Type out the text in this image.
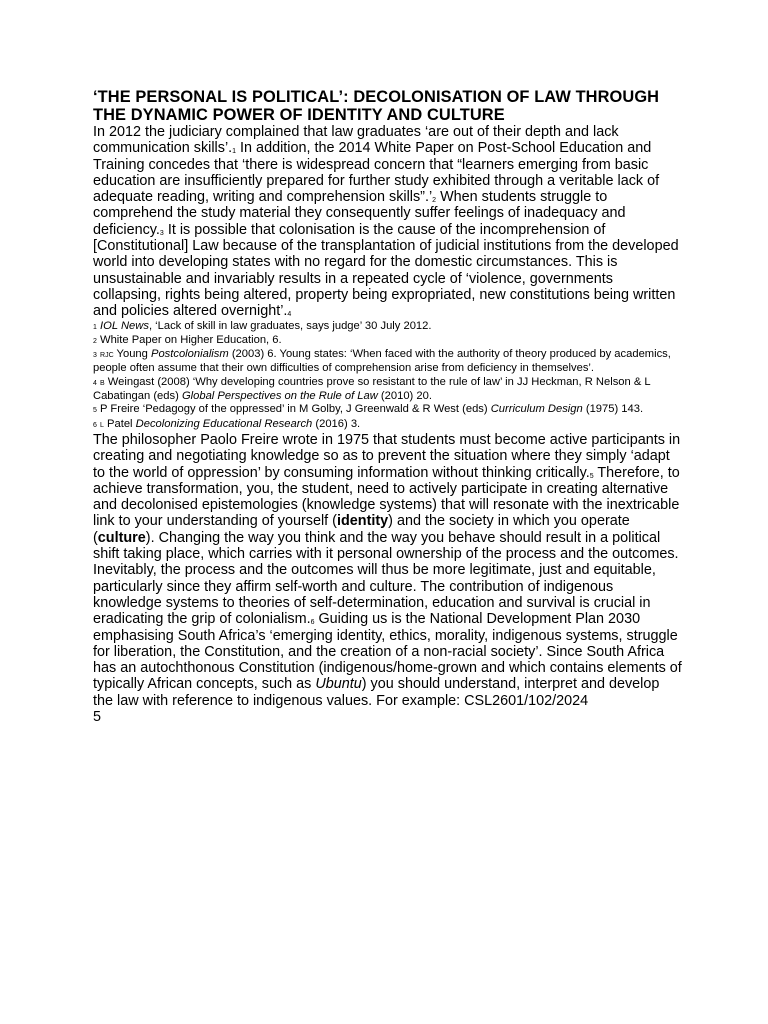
‘THE PERSONAL IS POLITICAL’: DECOLONISATION OF LAW THROUGH THE DYNAMIC POWER OF IDENTITY AND CULTURE

In 2012 the judiciary complained that law graduates ‘are out of their depth and lack communication skills’.$^1$ In addition, the 2014 White Paper on Post-School Education and Training concedes that ‘there is widespread concern that “learners emerging from basic education are insufficiently prepared for further study exhibited through a veritable lack of adequate reading, writing and comprehension skills”.’$^2$ When students struggle to comprehend the study material they consequently suffer feelings of inadequacy and deficiency.$^3$ It is possible that colonisation is the cause of the incomprehension of [Constitutional] Law because of the transplantation of judicial institutions from the developed world into developing states with no regard for the domestic circumstances. This is unsustainable and invariably results in a repeated cycle of ‘violence, governments collapsing, rights being altered, property being expropriated, new constitutions being written and policies altered overnight’.$^4$

1 IOL News, ‘Lack of skill in law graduates, says judge’ 30 July 2012.

2 White Paper on Higher Education, 6.

3 RJC Young Postcolonialism (2003) 6. Young states: ‘When faced with the authority of theory produced by academics, people often assume that their own difficulties of comprehension arise from deficiency in themselves’.

4 B Weingast (2008) ‘Why developing countries prove so resistant to the rule of law’ in JJ Heckman, R Nelson & L Cabatingan (eds) Global Perspectives on the Rule of Law (2010) 20.

5 P Freire ‘Pedagogy of the oppressed’ in M Golby, J Greenwald & R West (eds) Curriculum Design (1975) 143.

6 L Patel Decolonizing Educational Research (2016) 3.

The philosopher Paolo Freire wrote in 1975 that students must become active participants in creating and negotiating knowledge so as to prevent the situation where they simply ‘adapt to the world of oppression’ by consuming information without thinking critically.$^5$ Therefore, to achieve transformation, you, the student, need to actively participate in creating alternative and decolonised epistemologies (knowledge systems) that will resonate with the inextricable link to your understanding of yourself (identity) and the society in which you operate (culture). Changing the way you think and the way you behave should result in a political shift taking place, which carries with it personal ownership of the process and the outcomes. Inevitably, the process and the outcomes will thus be more legitimate, just and equitable, particularly since they affirm self-worth and culture. The contribution of indigenous knowledge systems to theories of self-determination, education and survival is crucial in eradicating the grip of colonialism.$^6$ Guiding us is the National Development Plan 2030 emphasising South Africa’s ‘emerging identity, ethics, morality, indigenous systems, struggle for liberation, the Constitution, and the creation of a non-racial society’. Since South Africa has an autochthonous Constitution (indigenous/home-grown and which contains elements of typically African concepts, such as Ubuntu) you should understand, interpret and develop the law with reference to indigenous values. For example: CSL2601/102/2024

5
